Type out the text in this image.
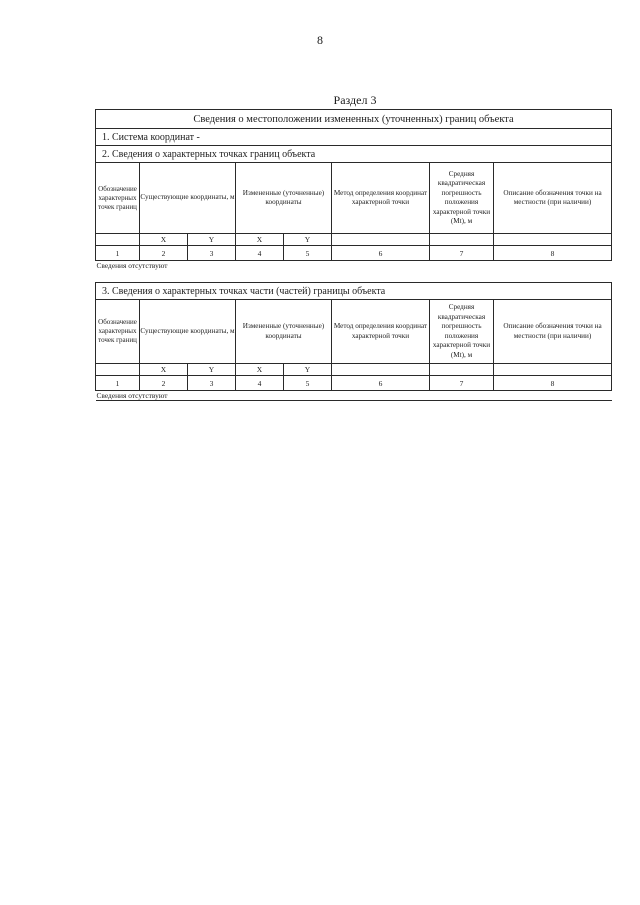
8
Раздел 3
Сведения о местоположении измененных (уточненных) границ объекта							
1. Система координат -							
2. Сведения о характерных точках границ объекта							
Обозначение характерных точек границ	Существующие координаты, м		Измененные (уточненные) координаты		Метод определения координат характерной точки	Средняя квадратическая погрешность положения характерной точки (Mt), м	Описание обозначения точки на местности (при наличии)
	X	Y	X	Y			
1	2	3	4	5	6	7	8
Сведения отсутствуют							
3. Сведения о характерных точках части (частей) границы объекта							
Обозначение характерных точек границ	Существующие координаты, м		Измененные (уточненные) координаты		Метод определения координат характерной точки	Средняя квадратическая погрешность положения характерной точки (Mt), м	Описание обозначения точки на местности (при наличии)
	X	Y	X	Y			
1	2	3	4	5	6	7	8
Сведения отсутствуют							
